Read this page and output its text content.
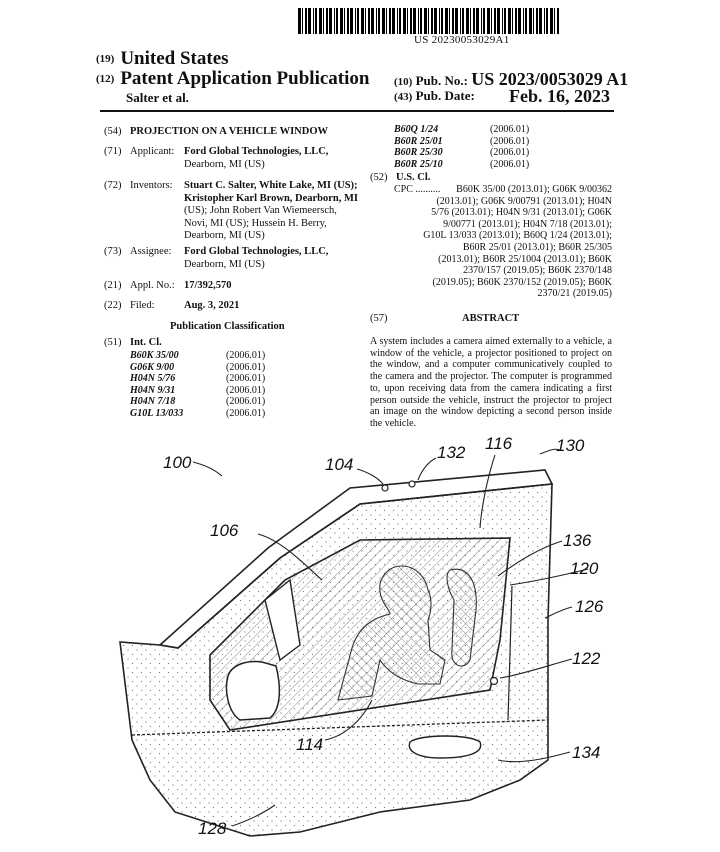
US 20230053029A1
(19) United States
(12) Patent Application Publication
Salter et al.
(10) Pub. No.: US 2023/0053029 A1
(43) Pub. Date: Feb. 16, 2023
(54) PROJECTION ON A VEHICLE WINDOW
(71) Applicant: Ford Global Technologies, LLC,
Dearborn, MI (US)
(72) Inventors: Stuart C. Salter, White Lake, MI (US);
Kristopher Karl Brown, Dearborn, MI
(US); John Robert Van Wiemeersch,
Novi, MI (US); Hussein H. Berry,
Dearborn, MI (US)
(73) Assignee: Ford Global Technologies, LLC,
Dearborn, MI (US)
(21) Appl. No.: 17/392,570
(22) Filed:	Aug. 3, 2021
Publication Classification
(51) Int. Cl.
B60K 35/00	(2006.01)
G06K 9/00	(2006.01)
H04N 5/76	(2006.01)
H04N 9/31	(2006.01)
H04N 7/18	(2006.01)
G10L 13/033	(2006.01)
B60Q 1/24	(2006.01)
B60R 25/01	(2006.01)
B60R 25/30	(2006.01)
B60R 25/10	(2006.01)
(52) U.S. Cl.
CPC ..........	B60K 35/00 (2013.01); G06K 9/00362
(2013.01); G06K 9/00791 (2013.01); H04N
5/76 (2013.01); H04N 9/31 (2013.01); G06K
9/00771 (2013.01); H04N 7/18 (2013.01);
G10L 13/033 (2013.01); B60Q 1/24 (2013.01);
B60R 25/01 (2013.01); B60R 25/305
(2013.01); B60R 25/1004 (2013.01); B60K
2370/157 (2019.05); B60K 2370/148
(2019.05); B60K 2370/152 (2019.05); B60K
2370/21 (2019.05)
(57)	ABSTRACT
A system includes a camera aimed externally to a vehicle, a window of the vehicle, a projector positioned to project on the window, and a computer communicatively coupled to the camera and the projector. The computer is programmed to, upon receiving data from the camera indicating a first person outside the vehicle, instruct the projector to project an image on the window depicting a second person inside the vehicle.
100	104
132 116	130
106
136
120
126
122
114	134
128
